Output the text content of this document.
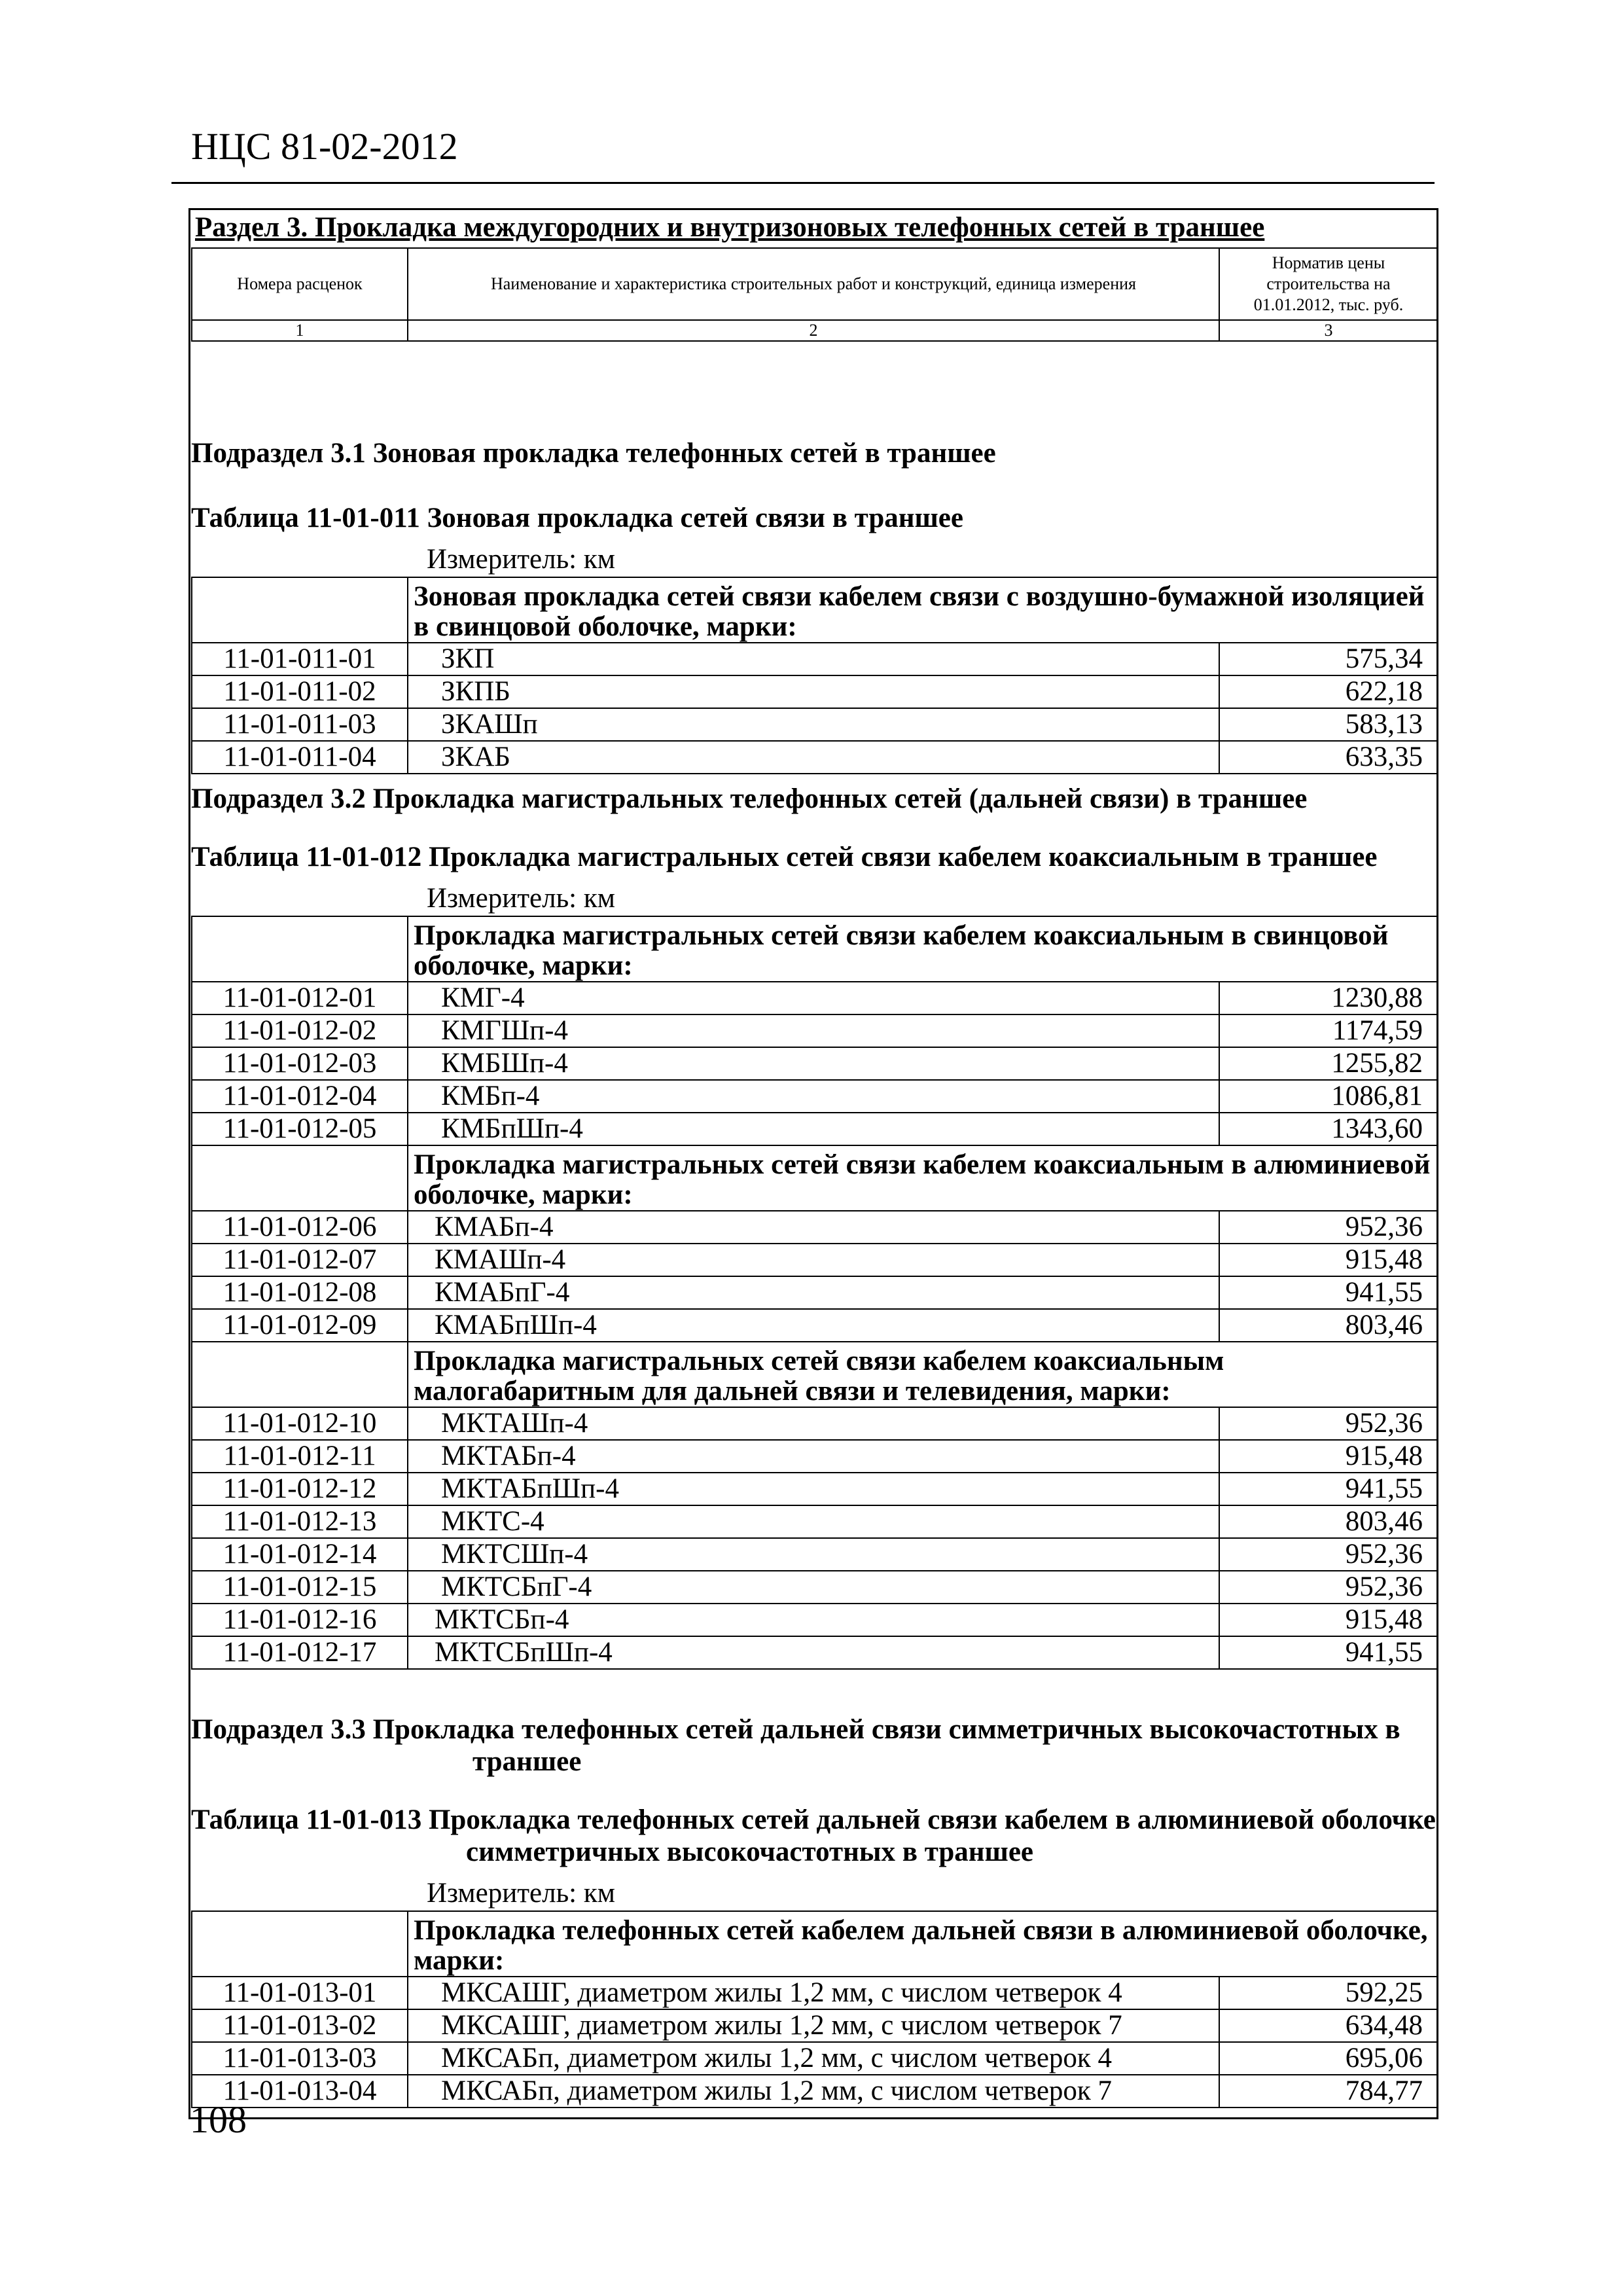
НЦС 81-02-2012
Раздел 3. Прокладка междугородних и внутризоновых телефонных сетей в траншее
Номера расценок	Наименование и характеристика строительных работ и конструкций, единица измерения	Норматив цены строительства на 01.01.2012, тыс. руб.
1	2	3
Подраздел 3.1 Зоновая прокладка телефонных сетей в траншее
Таблица 11-01-011 Зоновая прокладка сетей связи в траншее
Измеритель: км
	Зоновая прокладка сетей связи кабелем связи с воздушно-бумажной изоляцией в свинцовой оболочке, марки:	
11-01-011-01	ЗКП	575,34
11-01-011-02	ЗКПБ	622,18
11-01-011-03	ЗКАШп	583,13
11-01-011-04	ЗКАБ	633,35
Подраздел 3.2 Прокладка магистральных телефонных сетей (дальней связи) в траншее
Таблица 11-01-012 Прокладка магистральных сетей связи кабелем коаксиальным в траншее
Измеритель: км
	Прокладка магистральных сетей связи кабелем коаксиальным в свинцовой оболочке, марки:	
11-01-012-01	КМГ-4	1230,88
11-01-012-02	КМГШп-4	1174,59
11-01-012-03	КМБШп-4	1255,82
11-01-012-04	КМБп-4	1086,81
11-01-012-05	КМБпШп-4	1343,60
	Прокладка магистральных сетей связи кабелем коаксиальным в алюминиевой оболочке, марки:	
11-01-012-06	КМАБп-4	952,36
11-01-012-07	КМАШп-4	915,48
11-01-012-08	КМАБпГ-4	941,55
11-01-012-09	КМАБпШп-4	803,46
	Прокладка магистральных сетей связи кабелем коаксиальным малогабаритным для дальней связи и телевидения, марки:	
11-01-012-10	МКТАШп-4	952,36
11-01-012-11	МКТАБп-4	915,48
11-01-012-12	МКТАБпШп-4	941,55
11-01-012-13	МКТС-4	803,46
11-01-012-14	МКТСШп-4	952,36
11-01-012-15	МКТСБпГ-4	952,36
11-01-012-16	МКТСБп-4	915,48
11-01-012-17	МКТСБпШп-4	941,55
Подраздел 3.3 Прокладка телефонных сетей дальней связи симметричных высокочастотных в
траншее
Таблица 11-01-013 Прокладка телефонных сетей дальней связи кабелем в алюминиевой оболочке
симметричных высокочастотных в траншее
Измеритель: км
	Прокладка телефонных сетей кабелем дальней связи в алюминиевой оболочке, марки:	
11-01-013-01	МКСАШГ, диаметром жилы 1,2 мм, с числом четверок 4	592,25
11-01-013-02	МКСАШГ, диаметром жилы 1,2 мм, с числом четверок 7	634,48
11-01-013-03	МКСАБп, диаметром жилы 1,2 мм, с числом четверок 4	695,06
11-01-013-04	МКСАБп, диаметром жилы 1,2 мм, с числом четверок 7	784,77
108
